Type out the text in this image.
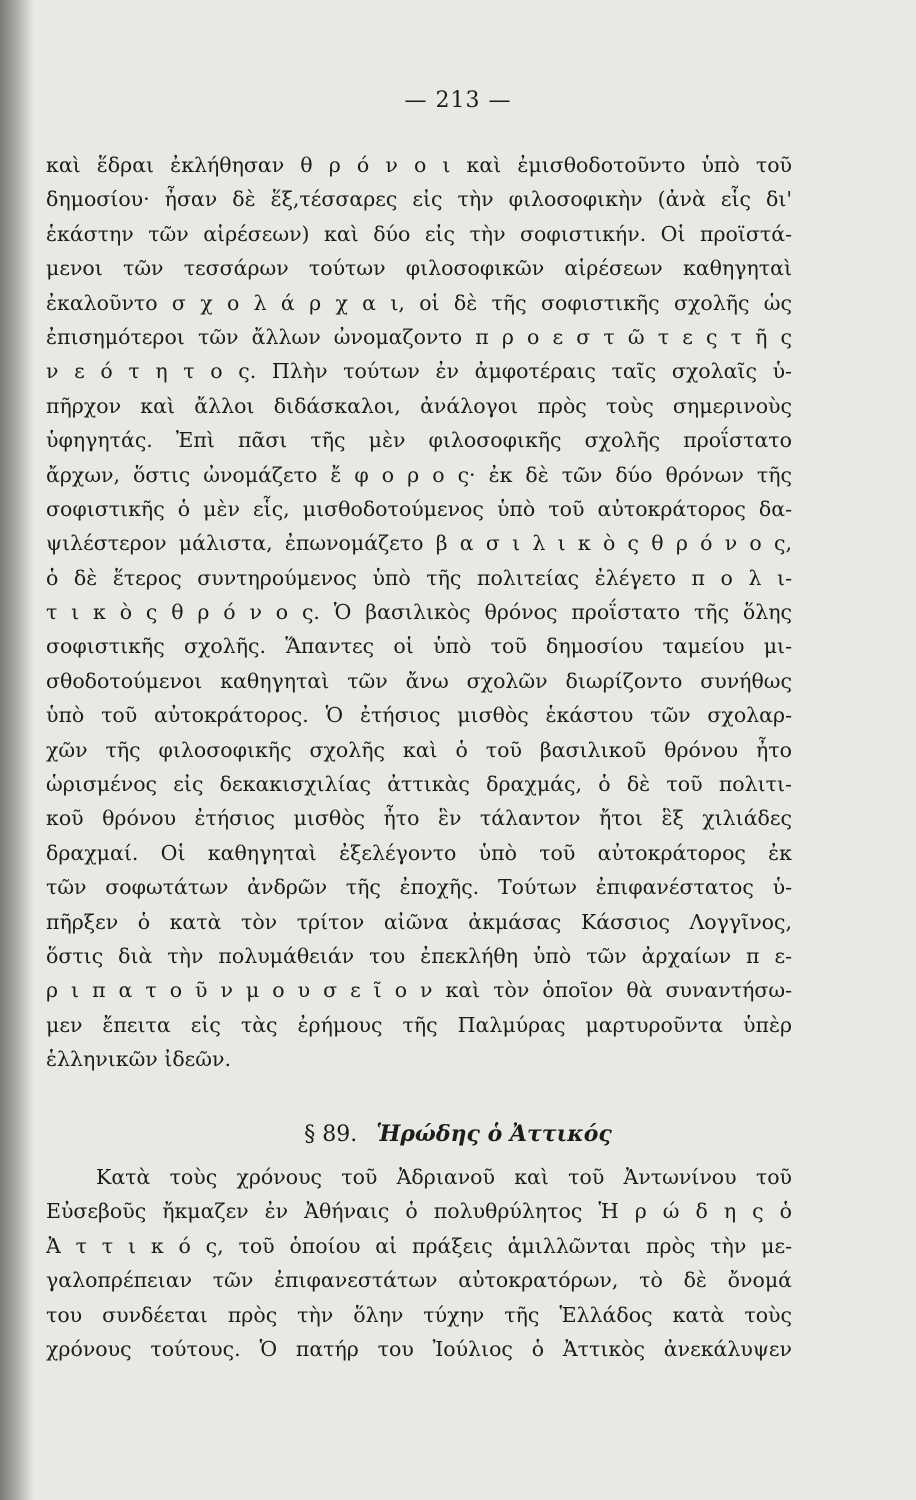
— 213 —
καὶ ἕδραι ἐκλήθησαν θ ρ ό ν ο ι καὶ ἐμισθοδοτοῦντο ὑπὸ τοῦ
δημοσίου· ἦσαν δὲ ἕξ,τέσσαρες εἰς τὴν φιλοσοφικὴν (ἀνὰ εἷς δι'
ἑκάστην τῶν αἱρέσεων) καὶ δύο εἰς τὴν σοφιστικήν. Οἱ προϊστά-
μενοι τῶν τεσσάρων τούτων φιλοσοφικῶν αἱρέσεων καθηγηταὶ
ἐκαλοῦντο σ χ ο λ ά ρ χ α ι, οἱ δὲ τῆς σοφιστικῆς σχολῆς ὡς
ἐπισημότεροι τῶν ἄλλων ὠνομαζοντο π ρ ο ε σ τ ῶ τ ε ς τ ῆ ς
ν ε ό τ η τ ο ς. Πλὴν τούτων ἐν ἀμφοτέραις ταῖς σχολαῖς ὑ-
πῆρχον καὶ ἄλλοι διδάσκαλοι, ἀνάλογοι πρὸς τοὺς σημερινοὺς
ὑφηγητάς. Ἐπὶ πᾶσι τῆς μὲν φιλοσοφικῆς σχολῆς προΐστατο
ἄρχων, ὅστις ὠνομάζετο ἔ φ ο ρ ο ς· ἐκ δὲ τῶν δύο θρόνων τῆς
σοφιστικῆς ὁ μὲν εἷς, μισθοδοτούμενος ὑπὸ τοῦ αὐτοκράτορος δα-
ψιλέστερον μάλιστα, ἐπωνομάζετο β α σ ι λ ι κ ὸ ς θ ρ ό ν ο ς,
ὁ δὲ ἕτερος συντηρούμενος ὑπὸ τῆς πολιτείας ἐλέγετο π ο λ ι-
τ ι κ ὸ ς θ ρ ό ν ο ς. Ὁ βασιλικὸς θρόνος προΐστατο τῆς ὅλης
σοφιστικῆς σχολῆς. Ἅπαντες οἱ ὑπὸ τοῦ δημοσίου ταμείου μι-
σθοδοτούμενοι καθηγηταὶ τῶν ἄνω σχολῶν διωρίζοντο συνήθως
ὑπὸ τοῦ αὐτοκράτορος. Ὁ ἐτήσιος μισθὸς ἑκάστου τῶν σχολαρ-
χῶν τῆς φιλοσοφικῆς σχολῆς καὶ ὁ τοῦ βασιλικοῦ θρόνου ἦτο
ὡρισμένος εἰς δεκακισχιλίας ἀττικὰς δραχμάς, ὁ δὲ τοῦ πολιτι-
κοῦ θρόνου ἐτήσιος μισθὸς ἦτο ἓν τάλαντον ἤτοι ἓξ χιλιάδες
δραχμαί. Οἱ καθηγηταὶ ἐξελέγοντο ὑπὸ τοῦ αὐτοκράτορος ἐκ
τῶν σοφωτάτων ἀνδρῶν τῆς ἐποχῆς. Τούτων ἐπιφανέστατος ὑ-
πῆρξεν ὁ κατὰ τὸν τρίτον αἰῶνα ἀκμάσας Κάσσιος Λογγῖνος,
ὅστις διὰ τὴν πολυμάθειάν του ἐπεκλήθη ὑπὸ τῶν ἀρχαίων π ε-
ρ ι π α τ ο ῦ ν μ ο υ σ ε ῖ ο ν καὶ τὸν ὁποῖον θὰ συναντήσω-
μεν ἔπειτα εἰς τὰς ἐρήμους τῆς Παλμύρας μαρτυροῦντα ὑπὲρ
ἑλληνικῶν ἰδεῶν.
§ 89. Ἡρώδης ὁ Ἀττικός
Κατὰ τοὺς χρόνους τοῦ Ἀδριανοῦ καὶ τοῦ Ἀντωνίνου τοῦ
Εὐσεβοῦς ἤκμαζεν ἐν Ἀθήναις ὁ πολυθρύλητος Ἡ ρ ώ δ η ς ὁ
Ἀ τ τ ι κ ό ς, τοῦ ὁποίου αἱ πράξεις ἁμιλλῶνται πρὸς τὴν με-
γαλοπρέπειαν τῶν ἐπιφανεστάτων αὐτοκρατόρων, τὸ δὲ ὄνομά
του συνδέεται πρὸς τὴν ὅλην τύχην τῆς Ἑλλάδος κατὰ τοὺς
χρόνους τούτους. Ὁ πατήρ του Ἰούλιος ὁ Ἀττικὸς ἀνεκάλυψεν
